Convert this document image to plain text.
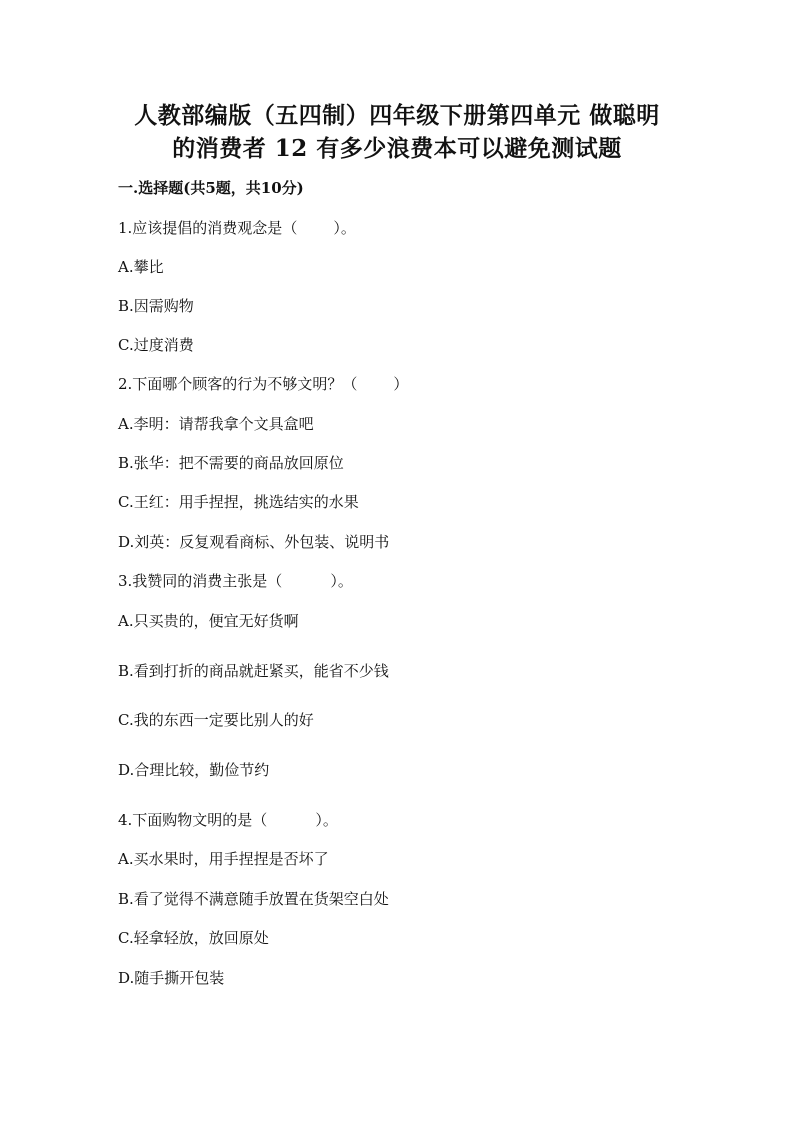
人教部编版（五四制）四年级下册第四单元 做聪明
的消费者 12 有多少浪费本可以避免测试题
一.选择题(共5题，共10分)
1.应该提倡的消费观念是（ ）。
A.攀比
B.因需购物
C.过度消费
2.下面哪个顾客的行为不够文明？（ ）
A.李明：请帮我拿个文具盒吧
B.张华：把不需要的商品放回原位
C.王红：用手捏捏，挑选结实的水果
D.刘英：反复观看商标、外包装、说明书
3.我赞同的消费主张是（	）。
A.只买贵的，便宜无好货啊
B.看到打折的商品就赶紧买，能省不少钱
C.我的东西一定要比别人的好
D.合理比较，勤俭节约
4.下面购物文明的是（	）。
A.买水果时，用手捏捏是否坏了
B.看了觉得不满意随手放置在货架空白处
C.轻拿轻放，放回原处
D.随手撕开包装
